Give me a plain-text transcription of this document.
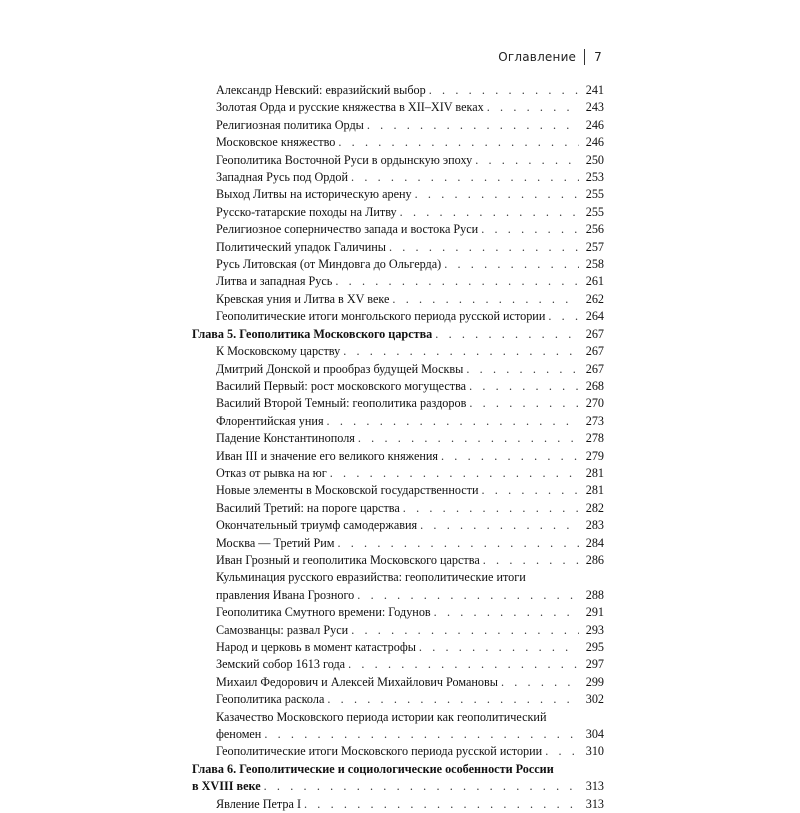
Оглавление 7
Александр Невский: евразийский выбор . . .	241
Золотая Орда и русские княжества в XII–XIV веках . . .	243
Религиозная политика Орды . . .	246
Московское княжество . . .	246
Геополитика Восточной Руси в ордынскую эпоху . . .	250
Западная Русь под Ордой . . .	253
Выход Литвы на историческую арену . . .	255
Русско-татарские походы на Литву . . .	255
Религиозное соперничество запада и востока Руси . . .	256
Политический упадок Галичины . . .	257
Русь Литовская (от Миндовга до Ольгерда) . . .	258
Литва и западная Русь . . .	261
Кревская уния и Литва в XV веке . . .	262
Геополитические итоги монгольского периода русской истории . . .	264
Глава 5. Геополитика Московского царства . . .	267
К Московскому царству . . .	267
Дмитрий Донской и прообраз будущей Москвы . . .	267
Василий Первый: рост московского могущества . . .	268
Василий Второй Темный: геополитика раздоров . . .	270
Флорентийская уния . . .	273
Падение Константинополя . . .	278
Иван III и значение его великого княжения . . .	279
Отказ от рывка на юг . . .	281
Новые элементы в Московской государственности . . .	281
Василий Третий: на пороге царства . . .	282
Окончательный триумф самодержавия . . .	283
Москва — Третий Рим . . .	284
Иван Грозный и геополитика Московского царства . . .	286
Кульминация русского евразийства: геополитические итоги
правления Ивана Грозного . . .	288
Геополитика Смутного времени: Годунов . . .	291
Самозванцы: развал Руси . . .	293
Народ и церковь в момент катастрофы . . .	295
Земский собор 1613 года . . .	297
Михаил Федорович и Алексей Михайлович Романовы . . .	299
Геополитика раскола . . .	302
Казачество Московского периода истории как геополитический
феномен . . .	304
Геополитические итоги Московского периода русской истории . . .	310
Глава 6. Геополитические и социологические особенности России
в XVIII веке . . .	313
Явление Петра I . . .	313
